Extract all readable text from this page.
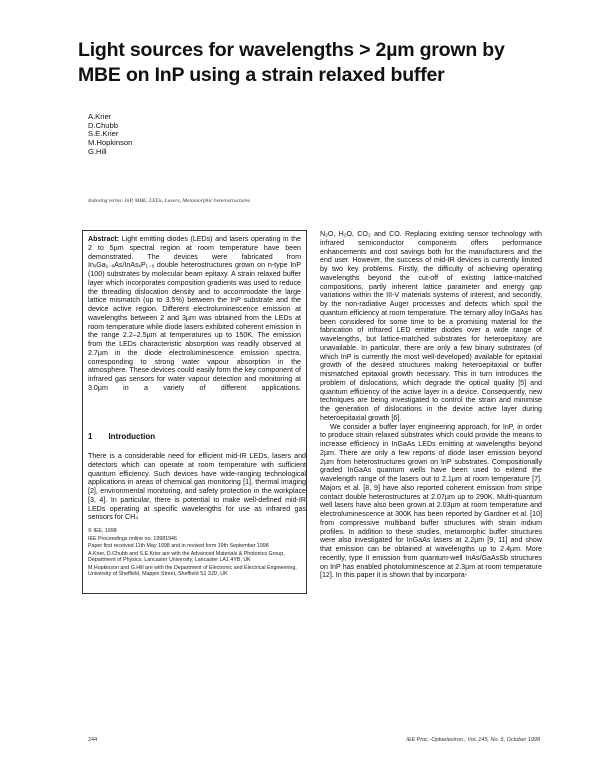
Light sources for wavelengths > 2µm grown by MBE on InP using a strain relaxed buffer
A.Krier
D.Chubb
S.E.Krier
M.Hopkinson
G.Hill
Indexing terms: InP, MBE, LEDs, Lasers, Metamorphic heterostructures

Abstract: Light emitting diodes (LEDs) and lasers operating in the 2 to 5µm spectral region at room temperature have been demonstrated. The devices were fabricated from InₓGa₁₋ₓAs/InAsₓP₁₋ₓ double heterostructures grown on n-type InP (100) substrates by molecular beam epitaxy. A strain relaxed buffer layer which incorporates composition gradients was used to reduce the threading dislocation density and to accommodate the large lattice mismatch (up to 3.5%) between the InP substrate and the device active region. Different electroluminescence emission at wavelengths between 2 and 3µm was obtained from the LEDs at room temperature while diode lasers exhibited coherent emission in the range 2.2–2.5µm at temperatures up to 150K. The emission from the LEDs characteristic absorption was readily observed at 2.7µm in the diode electroluminescence emission spectra, corresponding to strong water vapour absorption in the atmosphere. These devices could easily form the key component of infrared gas sensors for water vapour detection and monitoring at 3.0µm in a variety of different applications.

1 Introduction

There is a considerable need for efficient mid-IR LEDs, lasers and detectors which can operate at room temperature with sufficient quantum efficiency. Such devices have wide-ranging technological applications in areas of chemical gas monitoring [1], thermal imaging [2], environmental monitoring, and safety protection in the workplace [3, 4]. In particular, there is potential to make well-defined mid-IR LEDs operating at specific wavelengths for use as infrared gas sensors for CH₄

© IEE, 1998
IEE Proceedings online no. 19981946
Paper first received 11th May 1998 and in revised form 19th September 1998
A.Krier, D.Chubb and S.E.Krier are with the Advanced Materials & Photonics Group, Department of Physics, Lancaster University, Lancaster LA1 4YB, UK
M.Hopkinson and G.Hill are with the Department of Electronic and Electrical Engineering, University of Sheffield, Mappin Street, Sheffield S1 3JD, UK

N₂O, H₂O, CO₂ and CO. Replacing existing sensor technology with infrared semiconductor components offers performance enhancements and cost savings both for the manufacturers and the end user. However, the success of mid-IR devices is currently limited by two key problems. Firstly, the difficulty of achieving operating wavelengths beyond the cut-off of existing lattice-matched compositions, partly inherent lattice parameter and energy gap variations within the III-V materials systems of interest, and secondly, by the non-radiative Auger processes and defects which spoil the quantum efficiency at room temperature. The ternary alloy InGaAs has been considered for some time to be a promising material for the fabrication of infrared LED emitter diodes over a wide range of wavelengths, but lattice-matched substrates for heteroepitaxy are unavailable. In particular, there are only a few binary substrates (of which InP is currently the most well-developed) available for epitaxial growth of the desired structures making heteroepitaxial or buffer mismatched epitaxial growth necessary. This in turn introduces the problem of dislocations, which degrade the optical quality [5] and quantum efficiency of the active layer in a device. Consequently, new techniques are being investigated to control the strain and minimise the generation of dislocations in the device active layer during heteroepitaxial growth [6].

We consider a buffer layer engineering approach, for InP, in order to produce strain relaxed substrates which could provide the means to increase efficiency in InGaAs LEDs emitting at wavelengths beyond 2µm. There are only a few reports of diode laser emission beyond 2µm from heterostructures grown on InP substrates. Compositionally graded InGaAs quantum wells have been used to extend the wavelength range of the lasers out to 2.1µm at room temperature [7]. Majors et al. [8, 9] have also reported coherent emission from stripe contact double heterostructures at 2.07µm up to 290K. Multi-quantum well lasers have also been grown at 2.03µm at room temperature and electroluminescence at 300K has been reported by Gardner et al. [10] from compressive multiband buffer structures with strain indium profiles. In addition to these studies, metamorphic buffer structures were also investigated for InGaAs lasers at 2.2µm [9, 11] and show that emission can be obtained at wavelengths up to 2.4µm. More recently, type II emission from quantum-well InAs/GaAsSb structures on InP has enabled photoluminescence at 2.3µm at room temperature [12]. In this paper it is shown that by incorpora-

244	IEE Proc.-Optoelectron., Vol. 145, No. 5, October 1998
